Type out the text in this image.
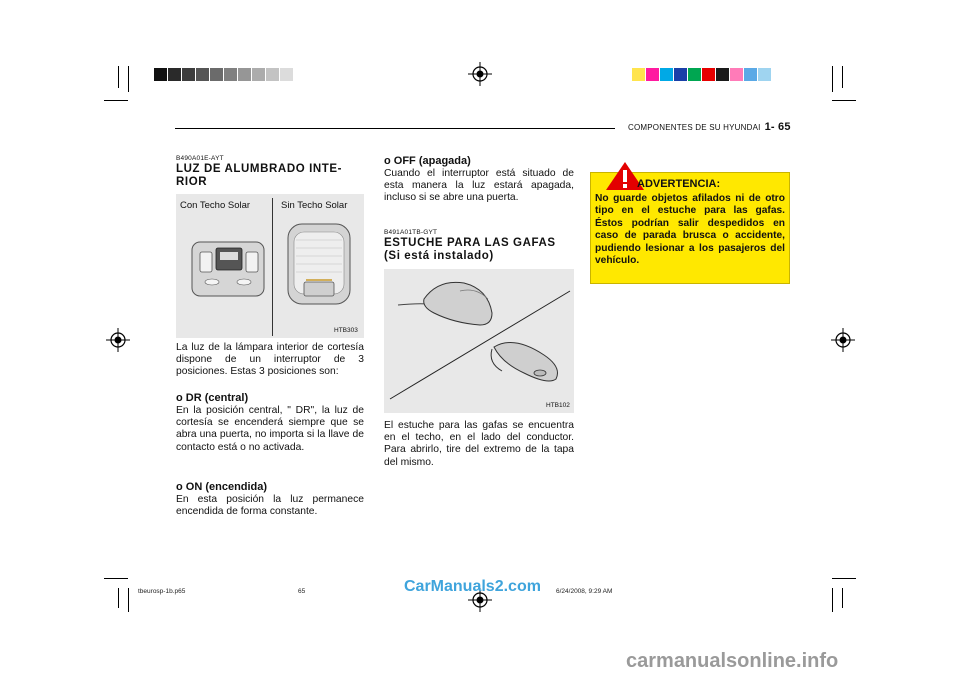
COMPONENTES DE SU HYUNDAI 1- 65
B490A01E-AYT
LUZ DE ALUMBRADO INTE-
RIOR
Con Techo Solar	Sin Techo Solar
HTB303
La luz de la lámpara interior de cortesía dispone de un interruptor de 3 posiciones. Estas 3 posiciones son:
o DR (central)
En la posición central, " DR", la luz de cortesía se encenderá siempre que se abra una puerta, no importa si la llave de contacto está o no activada.
o ON (encendida)
En esta posición la luz permanece encendida de forma constante.
o OFF (apagada)
Cuando el interruptor está situado de esta manera la luz estará apagada, incluso si se abre una puerta.
B491A01TB-GYT
ESTUCHE PARA LAS GAFAS
(Si está instalado)
HTB102
El estuche para las gafas se encuentra en el techo, en el lado del conductor. Para abrirlo, tire del extremo de la tapa del mismo.
ADVERTENCIA:
No guarde objetos afilados ni de otro tipo en el estuche para las gafas. Éstos podrían salir despedidos en caso de parada brusca o accidente, pudiendo lesionar a los pasajeros del vehículo.
tbeurosp-1b.p65	65	6/24/2008, 9:29 AM
CarManuals2.com
carmanualsonline.info
